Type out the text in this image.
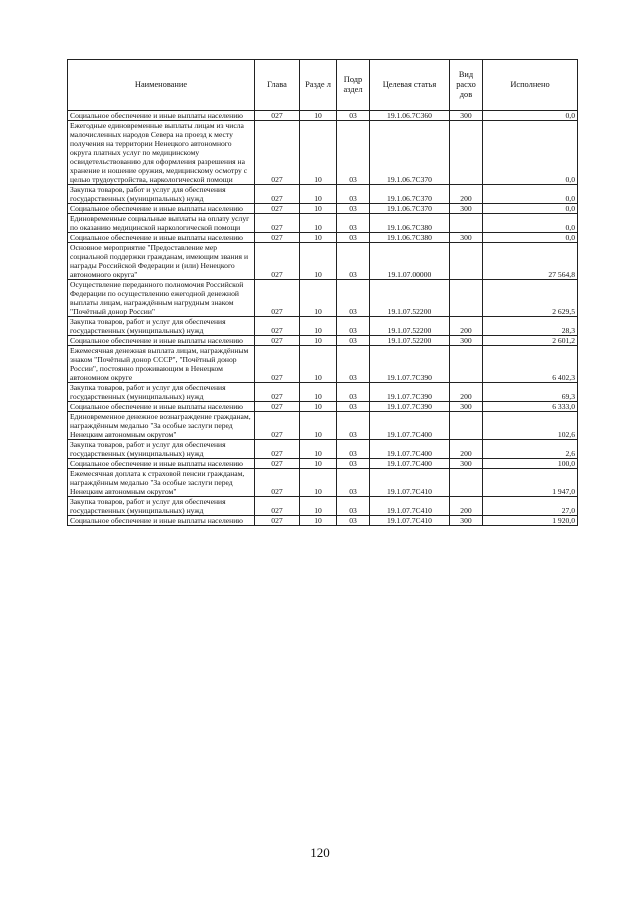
Наименование	Глава	Разде л	Подр аздел	Целевая статья	Вид расхо дов	Исполнено
Социальное обеспечение и иные выплаты населению	027	10	03	19.1.06.7С360	300	0,0
Ежегодные единовременные выплаты лицам из числа малочисленных народов Севера на проезд к месту получения на территории Ненецкого автономного округа платных услуг по медицинскому освидетельствованию для оформления разрешения на хранение и ношение оружия, медицинскому осмотру с целью трудоустройства, наркологической помощи	027	10	03	19.1.06.7С370		0,0
Закупка товаров, работ и услуг для обеспечения государственных (муниципальных) нужд	027	10	03	19.1.06.7С370	200	0,0
Социальное обеспечение и иные выплаты населению	027	10	03	19.1.06.7С370	300	0,0
Единовременные социальные выплаты на оплату услуг по оказанию медицинской наркологической помощи	027	10	03	19.1.06.7С380		0,0
Социальное обеспечение и иные выплаты населению	027	10	03	19.1.06.7С380	300	0,0
Основное мероприятие "Предоставление мер социальной поддержки гражданам, имеющим звания и награды Российской Федерации и (или) Ненецкого автономного округа"	027	10	03	19.1.07.00000		27 564,8
Осуществление переданного полномочия Российской Федерации по осуществлению ежегодной денежной выплаты лицам, награждённым нагрудным знаком "Почётный донор России"	027	10	03	19.1.07.52200		2 629,5
Закупка товаров, работ и услуг для обеспечения государственных (муниципальных) нужд	027	10	03	19.1.07.52200	200	28,3
Социальное обеспечение и иные выплаты населению	027	10	03	19.1.07.52200	300	2 601,2
Ежемесячная денежная выплата лицам, награждённым знаком "Почётный донор СССР", "Почётный донор России", постоянно проживающим в Ненецком автономном округе	027	10	03	19.1.07.7С390		6 402,3
Закупка товаров, работ и услуг для обеспечения государственных (муниципальных) нужд	027	10	03	19.1.07.7С390	200	69,3
Социальное обеспечение и иные выплаты населению	027	10	03	19.1.07.7С390	300	6 333,0
Единовременное денежное вознаграждение гражданам, награждённым медалью "За особые заслуги перед Ненецким автономным округом"	027	10	03	19.1.07.7С400		102,6
Закупка товаров, работ и услуг для обеспечения государственных (муниципальных) нужд	027	10	03	19.1.07.7С400	200	2,6
Социальное обеспечение и иные выплаты населению	027	10	03	19.1.07.7С400	300	100,0
Ежемесячная доплата к страховой пенсии гражданам, награждённым медалью "За особые заслуги перед Ненецким автономным округом"	027	10	03	19.1.07.7С410		1 947,0
Закупка товаров, работ и услуг для обеспечения государственных (муниципальных) нужд	027	10	03	19.1.07.7С410	200	27,0
Социальное обеспечение и иные выплаты населению	027	10	03	19.1.07.7С410	300	1 920,0
120
